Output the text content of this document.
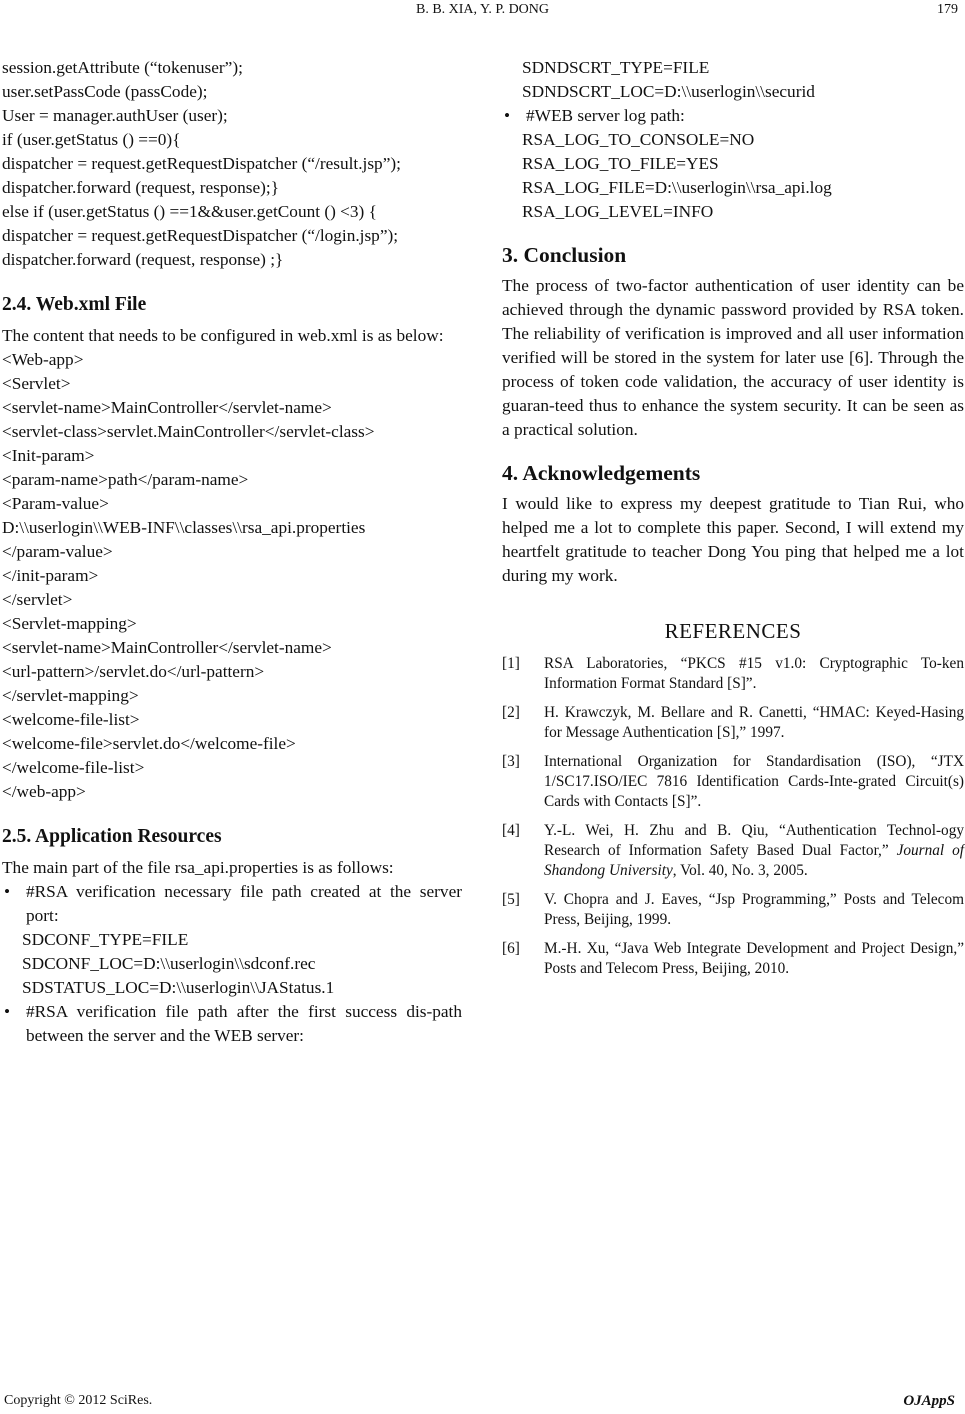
B. B. XIA, Y. P. DONG	179
session.getAttribute (“tokenuser”);
user.setPassCode (passCode);
User = manager.authUser (user);
if (user.getStatus () ==0){
dispatcher = request.getRequestDispatcher (“/result.jsp”);
dispatcher.forward (request, response);}
else if (user.getStatus () ==1&&user.getCount () <3) {
dispatcher = request.getRequestDispatcher (“/login.jsp”);
dispatcher.forward (request, response) ;}
2.4. Web.xml File
The content that needs to be configured in web.xml is as below:
<Web-app>
<Servlet>
<servlet-name>MainController</servlet-name>
<servlet-class>servlet.MainController</servlet-class>
<Init-param>
<param-name>path</param-name>
<Param-value>
D:\\userlogin\\WEB-INF\\classes\\rsa_api.properties
</param-value>
</init-param>
</servlet>
<Servlet-mapping>
<servlet-name>MainController</servlet-name>
<url-pattern>/servlet.do</url-pattern>
</servlet-mapping>
<welcome-file-list>
<welcome-file>servlet.do</welcome-file>
</welcome-file-list>
</web-app>
2.5. Application Resources
The main part of the file rsa_api.properties is as follows:
• #RSA verification necessary file path created at the server port:
SDCONF_TYPE=FILE
SDCONF_LOC=D:\\userlogin\\sdconf.rec
SDSTATUS_LOC=D:\\userlogin\\JAStatus.1
• #RSA verification file path after the first success dis-path between the server and the WEB server:
SDNDSCRT_TYPE=FILE
SDNDSCRT_LOC=D:\\userlogin\\securid
• #WEB server log path:
RSA_LOG_TO_CONSOLE=NO
RSA_LOG_TO_FILE=YES
RSA_LOG_FILE=D:\\userlogin\\rsa_api.log
RSA_LOG_LEVEL=INFO
3. Conclusion
The process of two-factor authentication of user identity can be achieved through the dynamic password provided by RSA token. The reliability of verification is improved and all user information verified will be stored in the system for later use [6]. Through the process of token code validation, the accuracy of user identity is guaran-teed thus to enhance the system security. It can be seen as a practical solution.
4. Acknowledgements
I would like to express my deepest gratitude to Tian Rui, who helped me a lot to complete this paper. Second, I will extend my heartfelt gratitude to teacher Dong You ping that helped me a lot during my work.
REFERENCES
[1] RSA Laboratories, “PKCS #15 v1.0: Cryptographic To-ken Information Format Standard [S]”.
[2] H. Krawczyk, M. Bellare and R. Canetti, “HMAC: Keyed-Hasing for Message Authentication [S],” 1997.
[3] International Organization for Standardisation (ISO), “JTX 1/SC17.ISO/IEC 7816 Identification Cards-Inte-grated Circuit(s) Cards with Contacts [S]”.
[4] Y.-L. Wei, H. Zhu and B. Qiu, “Authentication Technol-ogy Research of Information Safety Based Dual Factor,” Journal of Shandong University, Vol. 40, No. 3, 2005.
[5] V. Chopra and J. Eaves, “Jsp Programming,” Posts and Telecom Press, Beijing, 1999.
[6] M.-H. Xu, “Java Web Integrate Development and Project Design,” Posts and Telecom Press, Beijing, 2010.
Copyright © 2012 SciRes.	OJAppS
